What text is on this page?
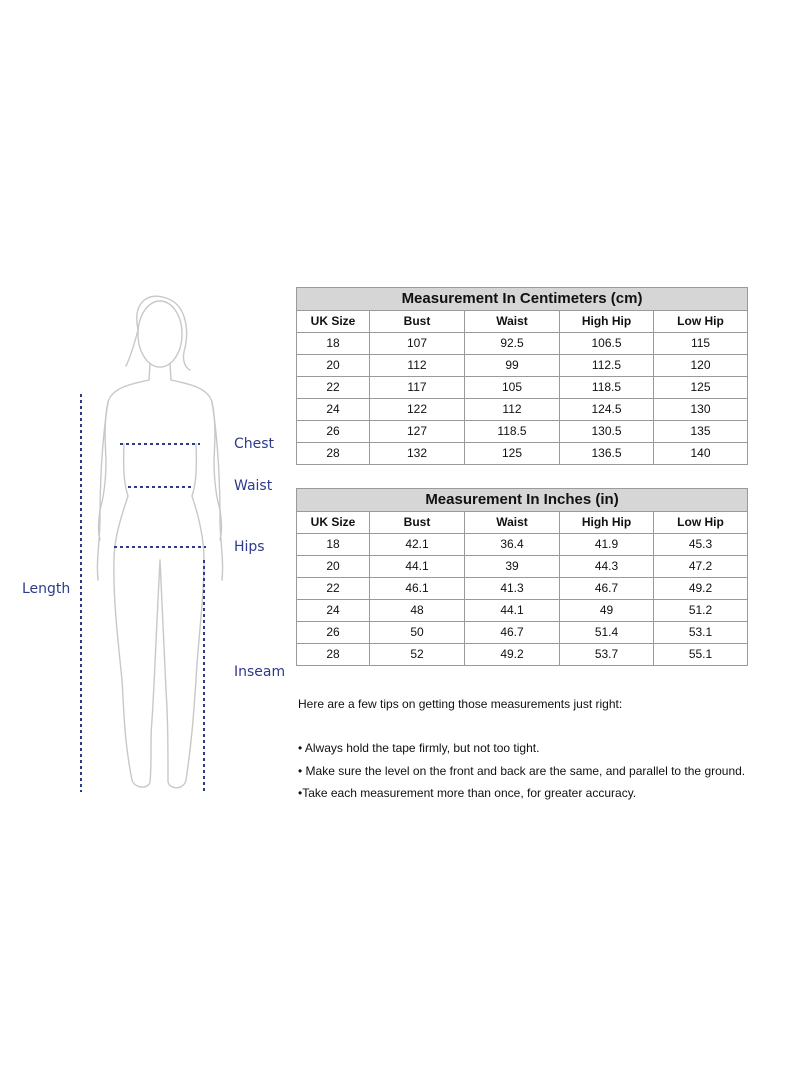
Chest
Waist
Hips
Length
Inseam
Measurement In Centimeters (cm)				
UK Size	Bust	Waist	High Hip	Low Hip
18	107	92.5	106.5	115
20	112	99	112.5	120
22	117	105	118.5	125
24	122	112	124.5	130
26	127	118.5	130.5	135
28	132	125	136.5	140
Measurement In Inches (in)				
UK Size	Bust	Waist	High Hip	Low Hip
18	42.1	36.4	41.9	45.3
20	44.1	39	44.3	47.2
22	46.1	41.3	46.7	49.2
24	48	44.1	49	51.2
26	50	46.7	51.4	53.1
28	52	49.2	53.7	55.1
Here are a few tips on getting those measurements just right:
• Always hold the tape firmly, but not too tight.
• Make sure the level on the front and back are the same, and parallel to the ground.
•Take each measurement more than once, for greater accuracy.
